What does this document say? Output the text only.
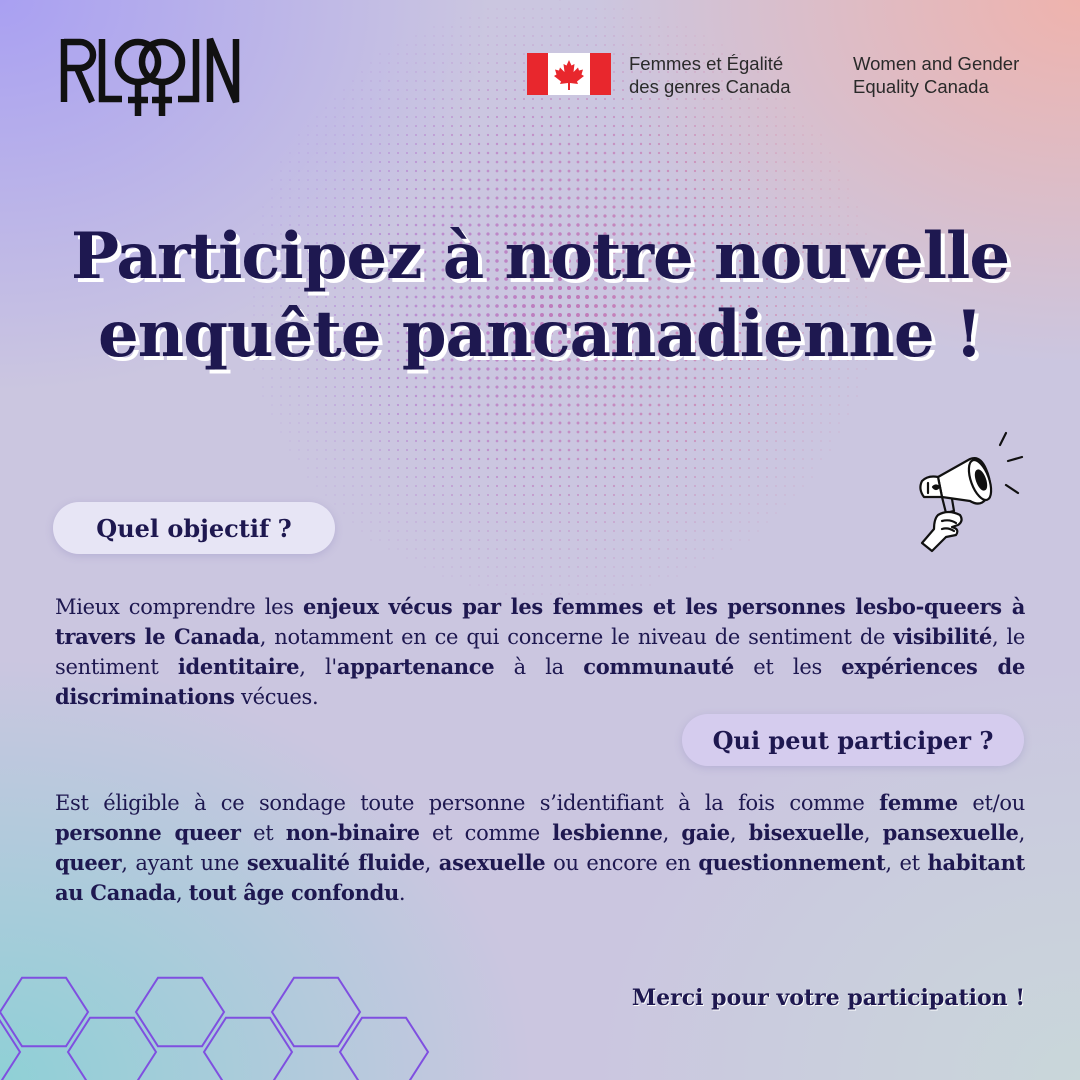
Femmes et Égalité
des genres Canada
Women and Gender
Equality Canada
Participez à notre nouvelle
enquête pancanadienne !
Quel objectif ?

Mieux comprendre les enjeux vécus par les femmes et les personnes lesbo-queers à travers le Canada, notamment en ce qui concerne le niveau de sentiment de visibilité, le sentiment identitaire, l'appartenance à la communauté et les expériences de discriminations vécues.

Qui peut participer ?

Est éligible à ce sondage toute personne s’identifiant à la fois comme femme et/ou personne queer et non-binaire et comme lesbienne, gaie, bisexuelle, pansexuelle, queer, ayant une sexualité fluide, asexuelle ou encore en questionnement, et habitant au Canada, tout âge confondu.

Merci pour votre participation !
